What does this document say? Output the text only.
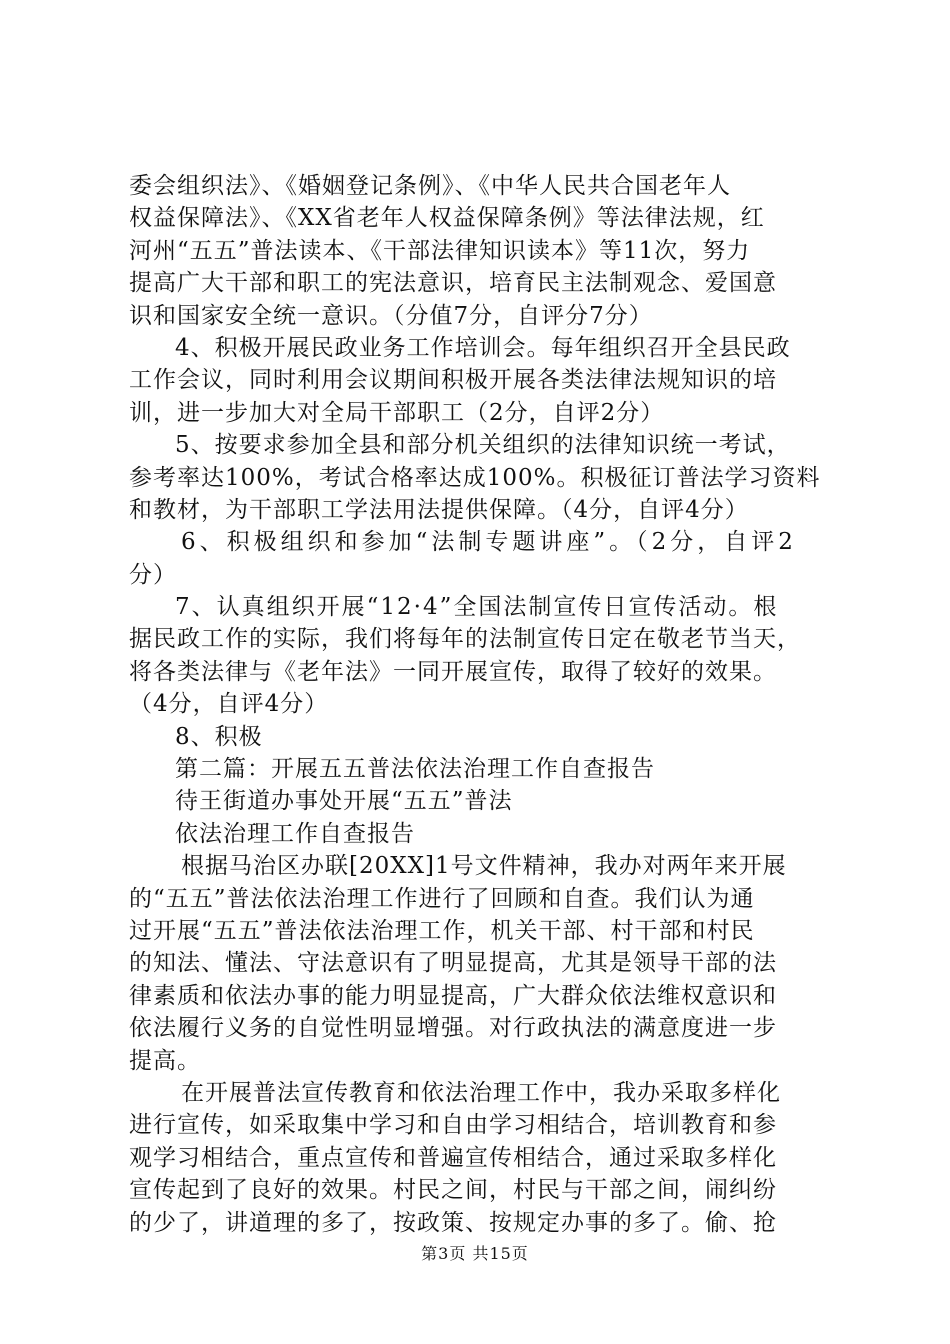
委会组织法》、《婚姻登记条例》、《中华人民共合国老年人
权益保障法》、《XX省老年人权益保障条例》等法律法规，红
河州“五五”普法读本、《干部法律知识读本》等11次，努力
提高广大干部和职工的宪法意识，培育民主法制观念、爱国意
识和国家安全统一意识。（分值7分，自评分7分）
4、积极开展民政业务工作培训会。每年组织召开全县民政
工作会议，同时利用会议期间积极开展各类法律法规知识的培
训，进一步加大对全局干部职工（2分，自评2分）
5、按要求参加全县和部分机关组织的法律知识统一考试，
参考率达100%，考试合格率达成100%。积极征订普法学习资料
和教材，为干部职工学法用法提供保障。（4分，自评4分）
6、积极组织和参加“法制专题讲座”。（2分，自评2
分）
7、认真组织开展“12·4”全国法制宣传日宣传活动。根
据民政工作的实际，我们将每年的法制宣传日定在敬老节当天，
将各类法律与《老年法》一同开展宣传，取得了较好的效果。
（4分，自评4分）
8、积极
第二篇：开展五五普法依法治理工作自查报告
待王街道办事处开展“五五”普法
依法治理工作自查报告
根据马治区办联[20XX]1号文件精神，我办对两年来开展
的“五五”普法依法治理工作进行了回顾和自查。我们认为通
过开展“五五”普法依法治理工作，机关干部、村干部和村民
的知法、懂法、守法意识有了明显提高，尤其是领导干部的法
律素质和依法办事的能力明显提高，广大群众依法维权意识和
依法履行义务的自觉性明显增强。对行政执法的满意度进一步
提高。
在开展普法宣传教育和依法治理工作中，我办采取多样化
进行宣传，如采取集中学习和自由学习相结合，培训教育和参
观学习相结合，重点宣传和普遍宣传相结合，通过采取多样化
宣传起到了良好的效果。村民之间，村民与干部之间，闹纠纷
的少了，讲道理的多了，按政策、按规定办事的多了。偷、抢
第3页 共15页
